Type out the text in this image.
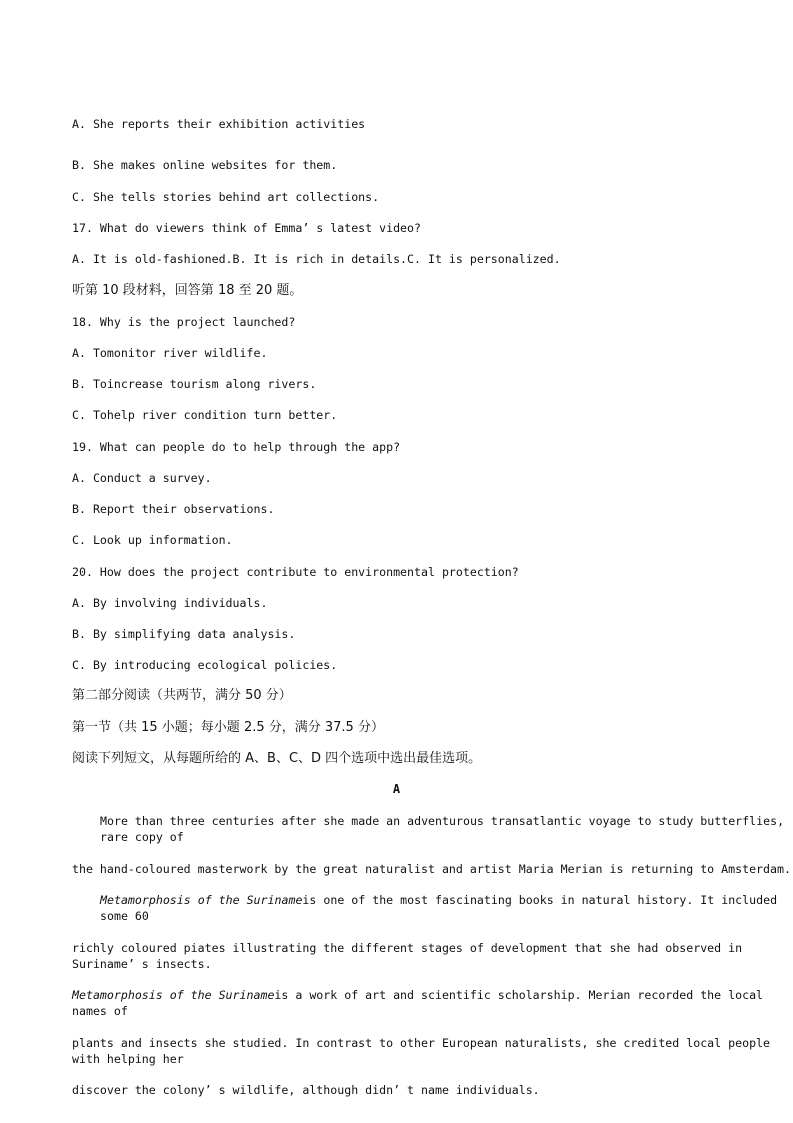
A. She reports their exhibition activities

B. She makes online websites for them.

C. She tells stories behind art collections.

17. What do viewers think of Emma’ s latest video?

A. It is old-fashioned.B. It is rich in details.C. It is personalized.

听第 10 段材料，回答第 18 至 20 题。

18. Why is the project launched?

A. Tomonitor river wildlife.

B. Toincrease tourism along rivers.

C. Tohelp river condition turn better.

19. What can people do to help through the app?

A. Conduct a survey.

B. Report their observations.

C. Look up information.

20. How does the project contribute to environmental protection?

A. By involving individuals.

B. By simplifying data analysis.

C. By introducing ecological policies.

第二部分阅读（共两节，满分 50 分）

第一节（共 15 小题；每小题 2.5 分，满分 37.5 分）

阅读下列短文，从每题所给的 A、B、C、D 四个选项中选出最佳选项。

A

More than three centuries after she made an adventurous transatlantic voyage to study butterflies, rare copy of

the hand-coloured masterwork by the great naturalist and artist Maria Merian is returning to Amsterdam.

Metamorphosis of the Surinameis one of the most fascinating books in natural history. It included some 60

richly coloured piates illustrating the different stages of development that she had observed in Suriname’ s insects.

Metamorphosis of the Surinameis a work of art and scientific scholarship. Merian recorded the local names of

plants and insects she studied. In contrast to other European naturalists, she credited local people with helping her

discover the colony’ s wildlife, although didn’ t name individuals.
